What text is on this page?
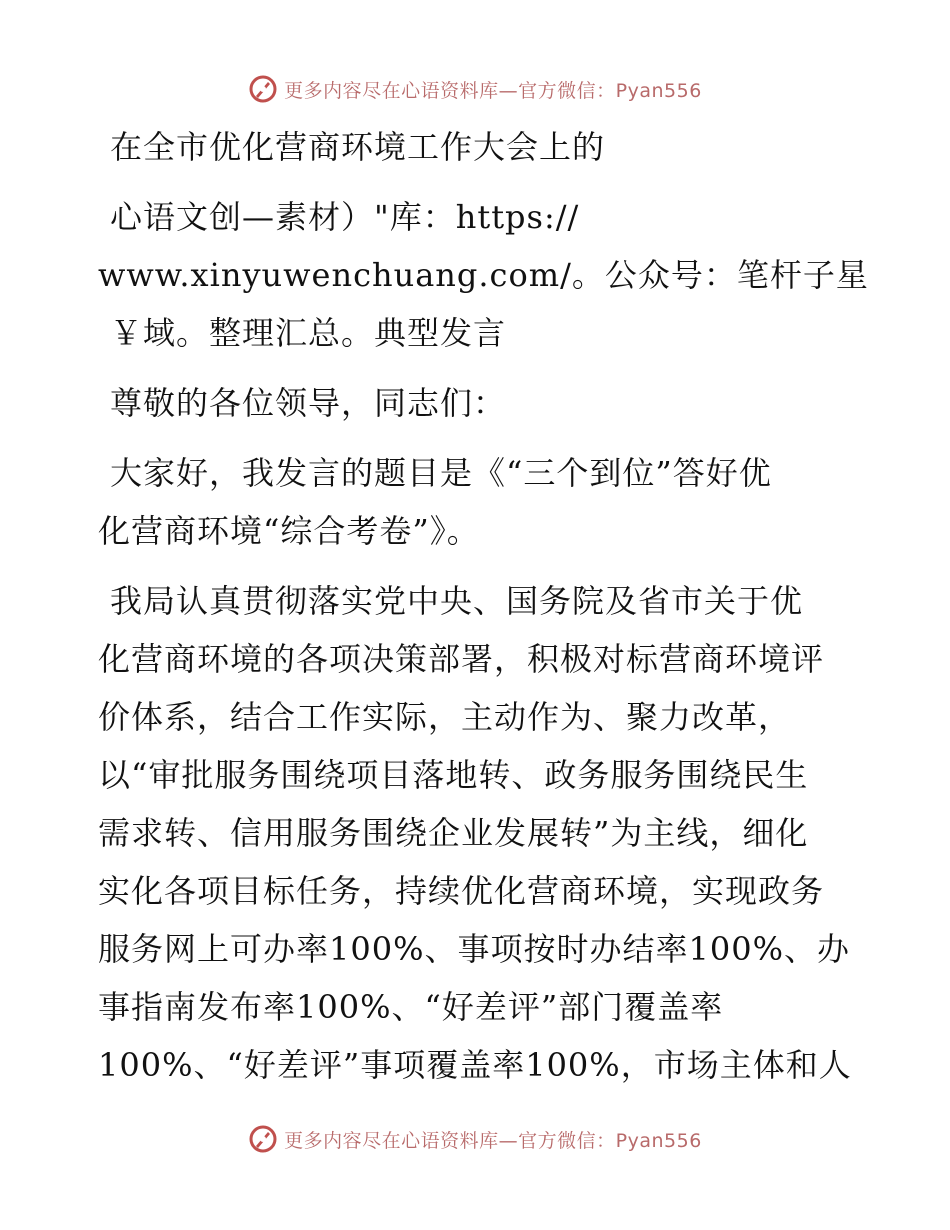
更多内容尽在心语资料库—官方微信：Pyan556
在全市优化营商环境工作大会上的
心语文创—素材）"库：https://
www.xinyuwenchuang.com/。公众号：笔杆子星
￥域。整理汇总。典型发言
尊敬的各位领导，同志们：
大家好，我发言的题目是《“三个到位”答好优
化营商环境“综合考卷”》。
我局认真贯彻落实党中央、国务院及省市关于优
化营商环境的各项决策部署，积极对标营商环境评
价体系，结合工作实际，主动作为、聚力改革，
以“审批服务围绕项目落地转、政务服务围绕民生
需求转、信用服务围绕企业发展转”为主线，细化
实化各项目标任务，持续优化营商环境，实现政务
服务网上可办率100%、事项按时办结率100%、办
事指南发布率100%、“好差评”部门覆盖率
100%、“好差评”事项覆盖率100%，市场主体和人
更多内容尽在心语资料库—官方微信：Pyan556
